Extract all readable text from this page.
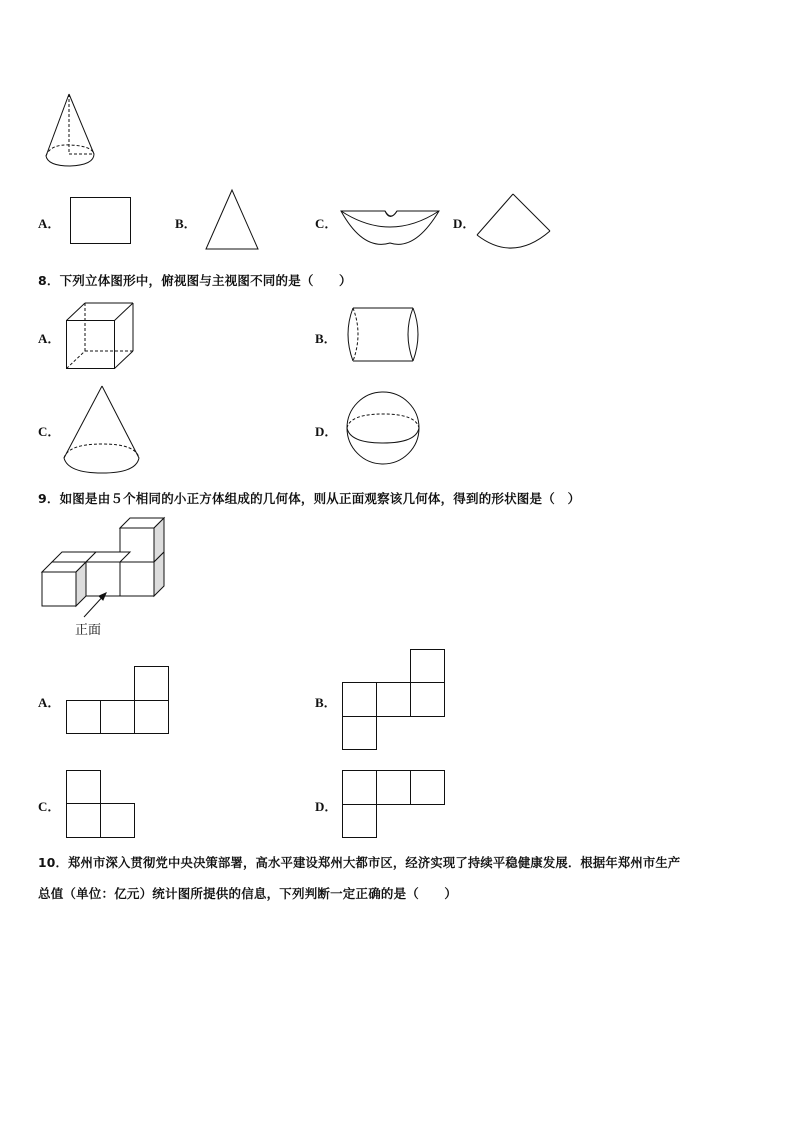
A．	B．	C．	D．
8．下列立体图形中，俯视图与主视图不同的是（　　）
A．	B．
C．	D．
9．如图是由５个相同的小正方体组成的几何体，则从正面观察该几何体，得到的形状图是（　）
正面
A．	B．
C．	D．
10．郑州市深入贯彻党中央决策部署，高水平建设郑州大都市区，经济实现了持续平稳健康发展．根据年郑州市生产
总值（单位：亿元）统计图所提供的信息，下列判断一定正确的是（　　）
